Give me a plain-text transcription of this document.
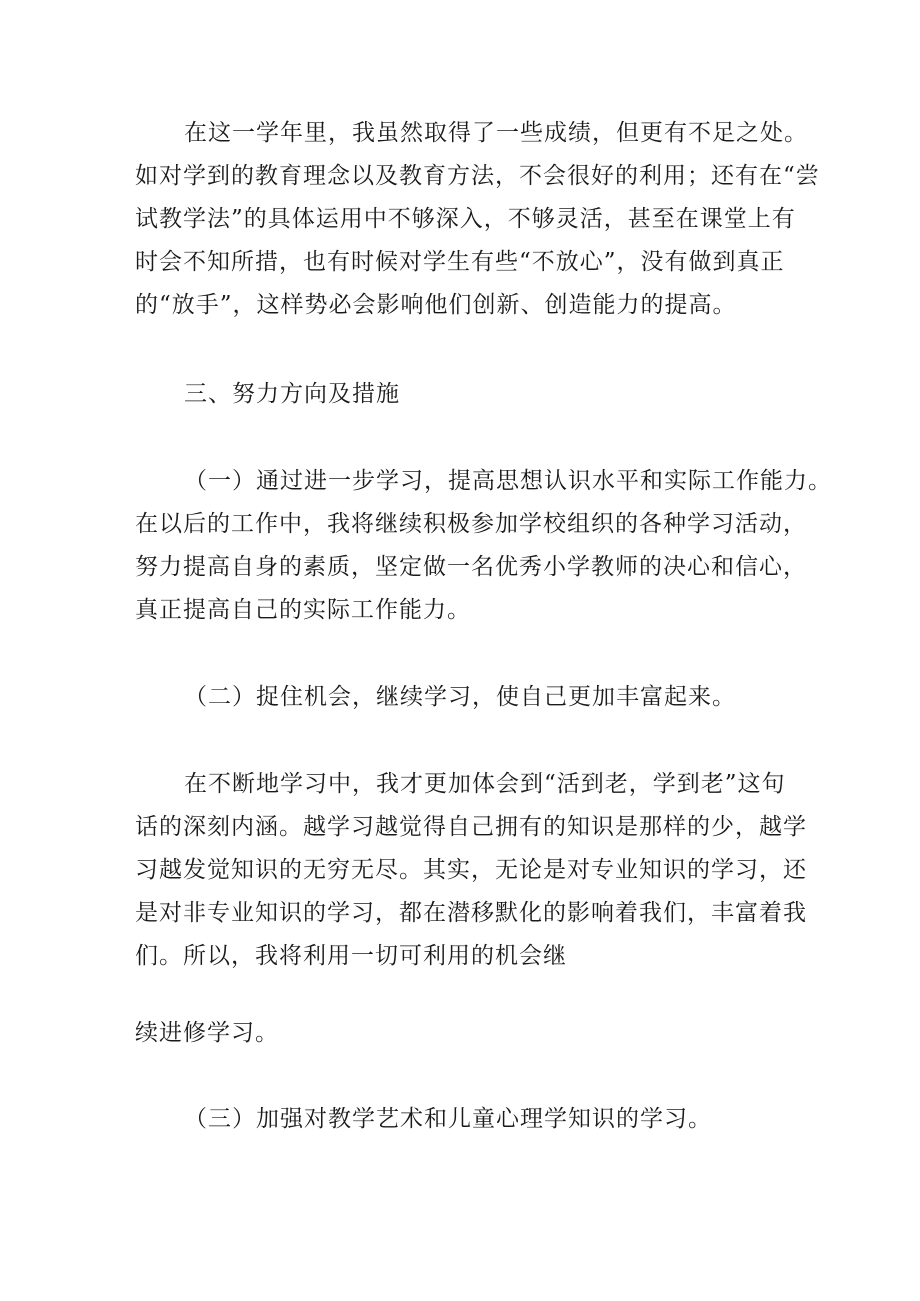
在这一学年里，我虽然取得了一些成绩，但更有不足之处。
如对学到的教育理念以及教育方法，不会很好的利用；还有在“尝
试教学法”的具体运用中不够深入，不够灵活，甚至在课堂上有
时会不知所措，也有时候对学生有些“不放心”，没有做到真正
的“放手”，这样势必会影响他们创新、创造能力的提高。
三、努力方向及措施
（一）通过进一步学习，提高思想认识水平和实际工作能力。
在以后的工作中，我将继续积极参加学校组织的各种学习活动，
努力提高自身的素质，坚定做一名优秀小学教师的决心和信心，
真正提高自己的实际工作能力。
（二）捉住机会，继续学习，使自己更加丰富起来。
在不断地学习中，我才更加体会到“活到老，学到老”这句
话的深刻内涵。越学习越觉得自己拥有的知识是那样的少，越学
习越发觉知识的无穷无尽。其实，无论是对专业知识的学习，还
是对非专业知识的学习，都在潜移默化的影响着我们，丰富着我
们。所以，我将利用一切可利用的机会继
续进修学习。
（三）加强对教学艺术和儿童心理学知识的学习。
